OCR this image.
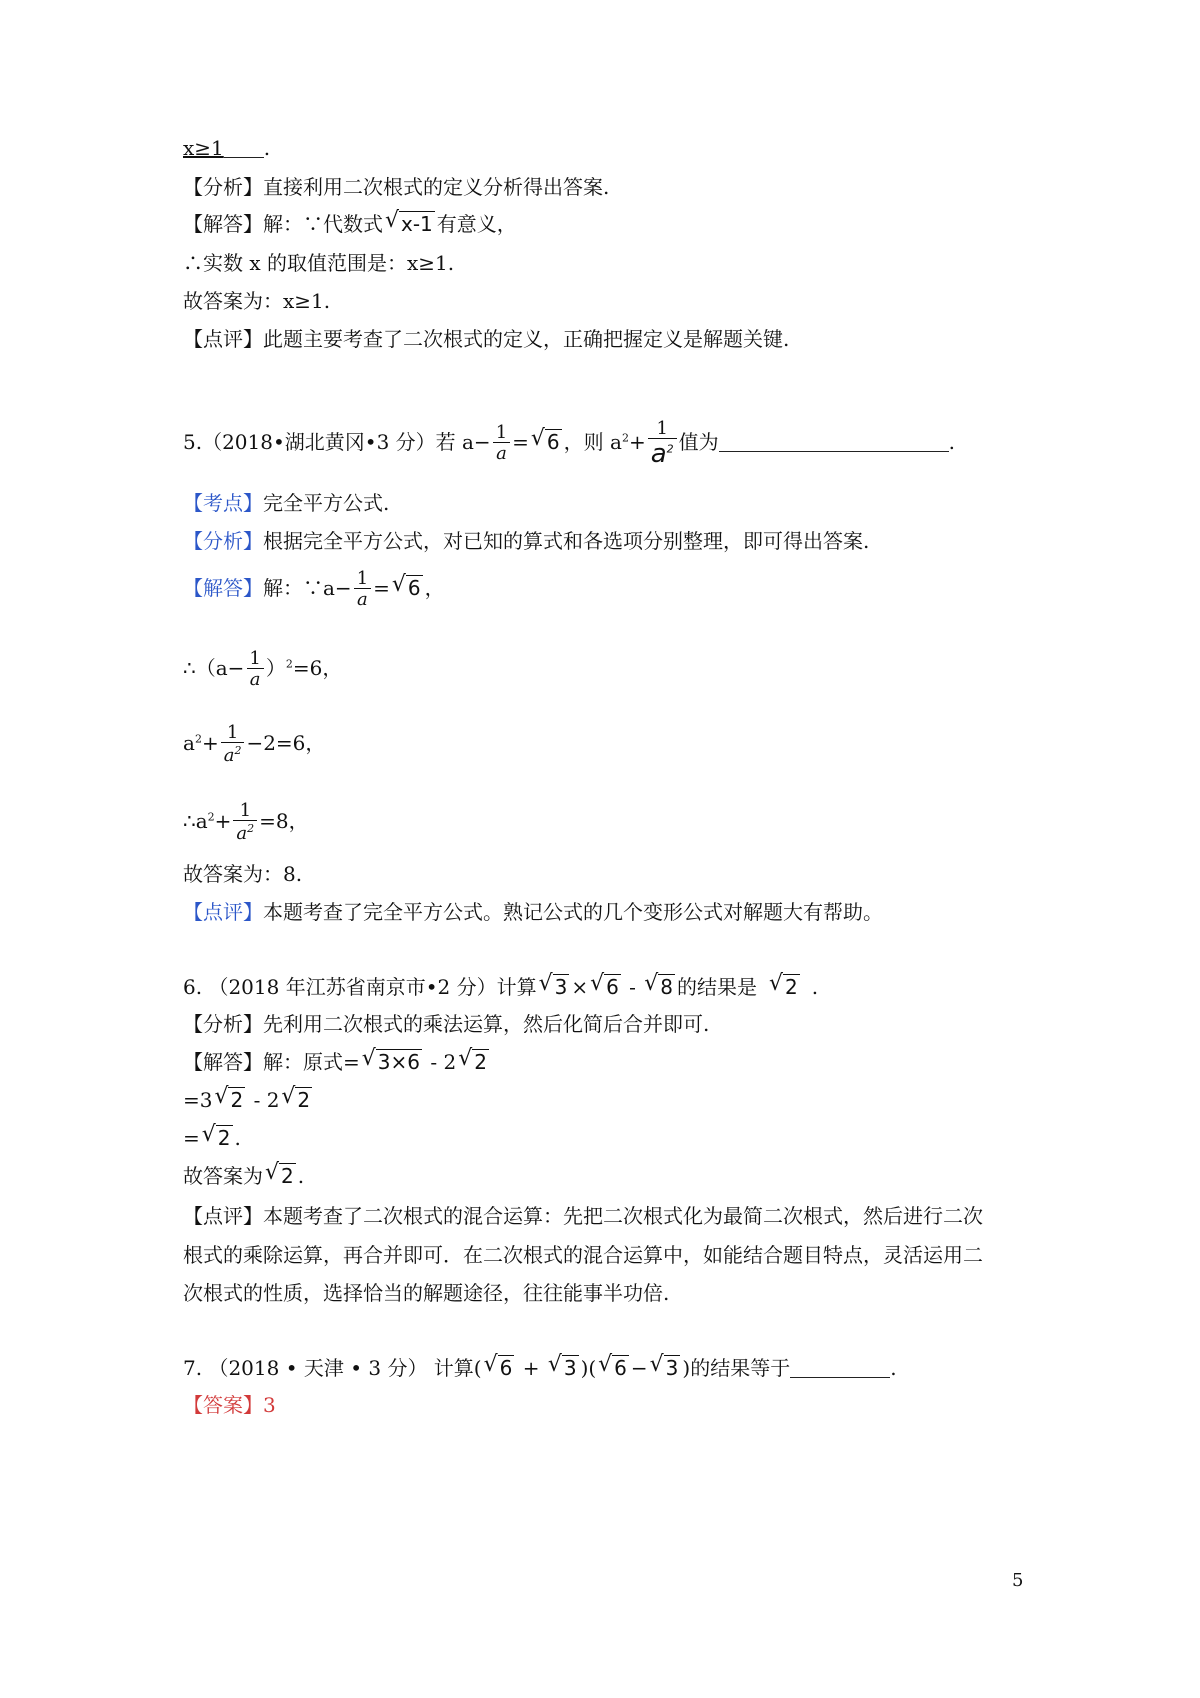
x≥1 .
【分析】直接利用二次根式的定义分析得出答案.
【解答】解：∵代数式 √ x-1 有意义，
∴实数 x 的取值范围是：x≥1.
故答案为：x≥1.
【点评】此题主要考查了二次根式的定义，正确把握定义是解题关键.
5.（2018•湖北黄冈•3 分）若 $a- \frac{1}{a}$ = √ 6 ，则 $a^2+ \frac{1}{a^2}$ 值为	.
【考点】完全平方公式.
【分析】根据完全平方公式，对已知的算式和各选项分别整理，即可得出答案.
【解答】解：∵a− $\frac{1}{a}$ = √ 6 ，
∴（a− $\frac{1}{a} )^2=6$，
$a^2+ \frac{1}{a^2} -2=6$，
$\therefore a^2+ \frac{1}{a^2} =8$，
故答案为：8.
【点评】本题考查了完全平方公式。熟记公式的几个变形公式对解题大有帮助。
6. （2018 年江苏省南京市•2 分）计算 √ 3 × √ 6 - √ 8 的结果是 √ 2 .
【分析】先利用二次根式的乘法运算，然后化简后合并即可.
【解答】解：原式= √ 3×6 - 2 √ 2
=3 √ 2 - 2 √ 2
= √ 2 .
故答案为 √ 2 .
【点评】本题考查了二次根式的混合运算：先把二次根式化为最简二次根式，然后进行二次
根式的乘除运算，再合并即可．在二次根式的混合运算中，如能结合题目特点，灵活运用二
次根式的性质，选择恰当的解题途径，往往能事半功倍.
7. （2018 • 天津 • 3 分） 计算( √ 6 + √ 3 )( √ 6 − √ 3 )的结果等于	.
【答案】3
5
